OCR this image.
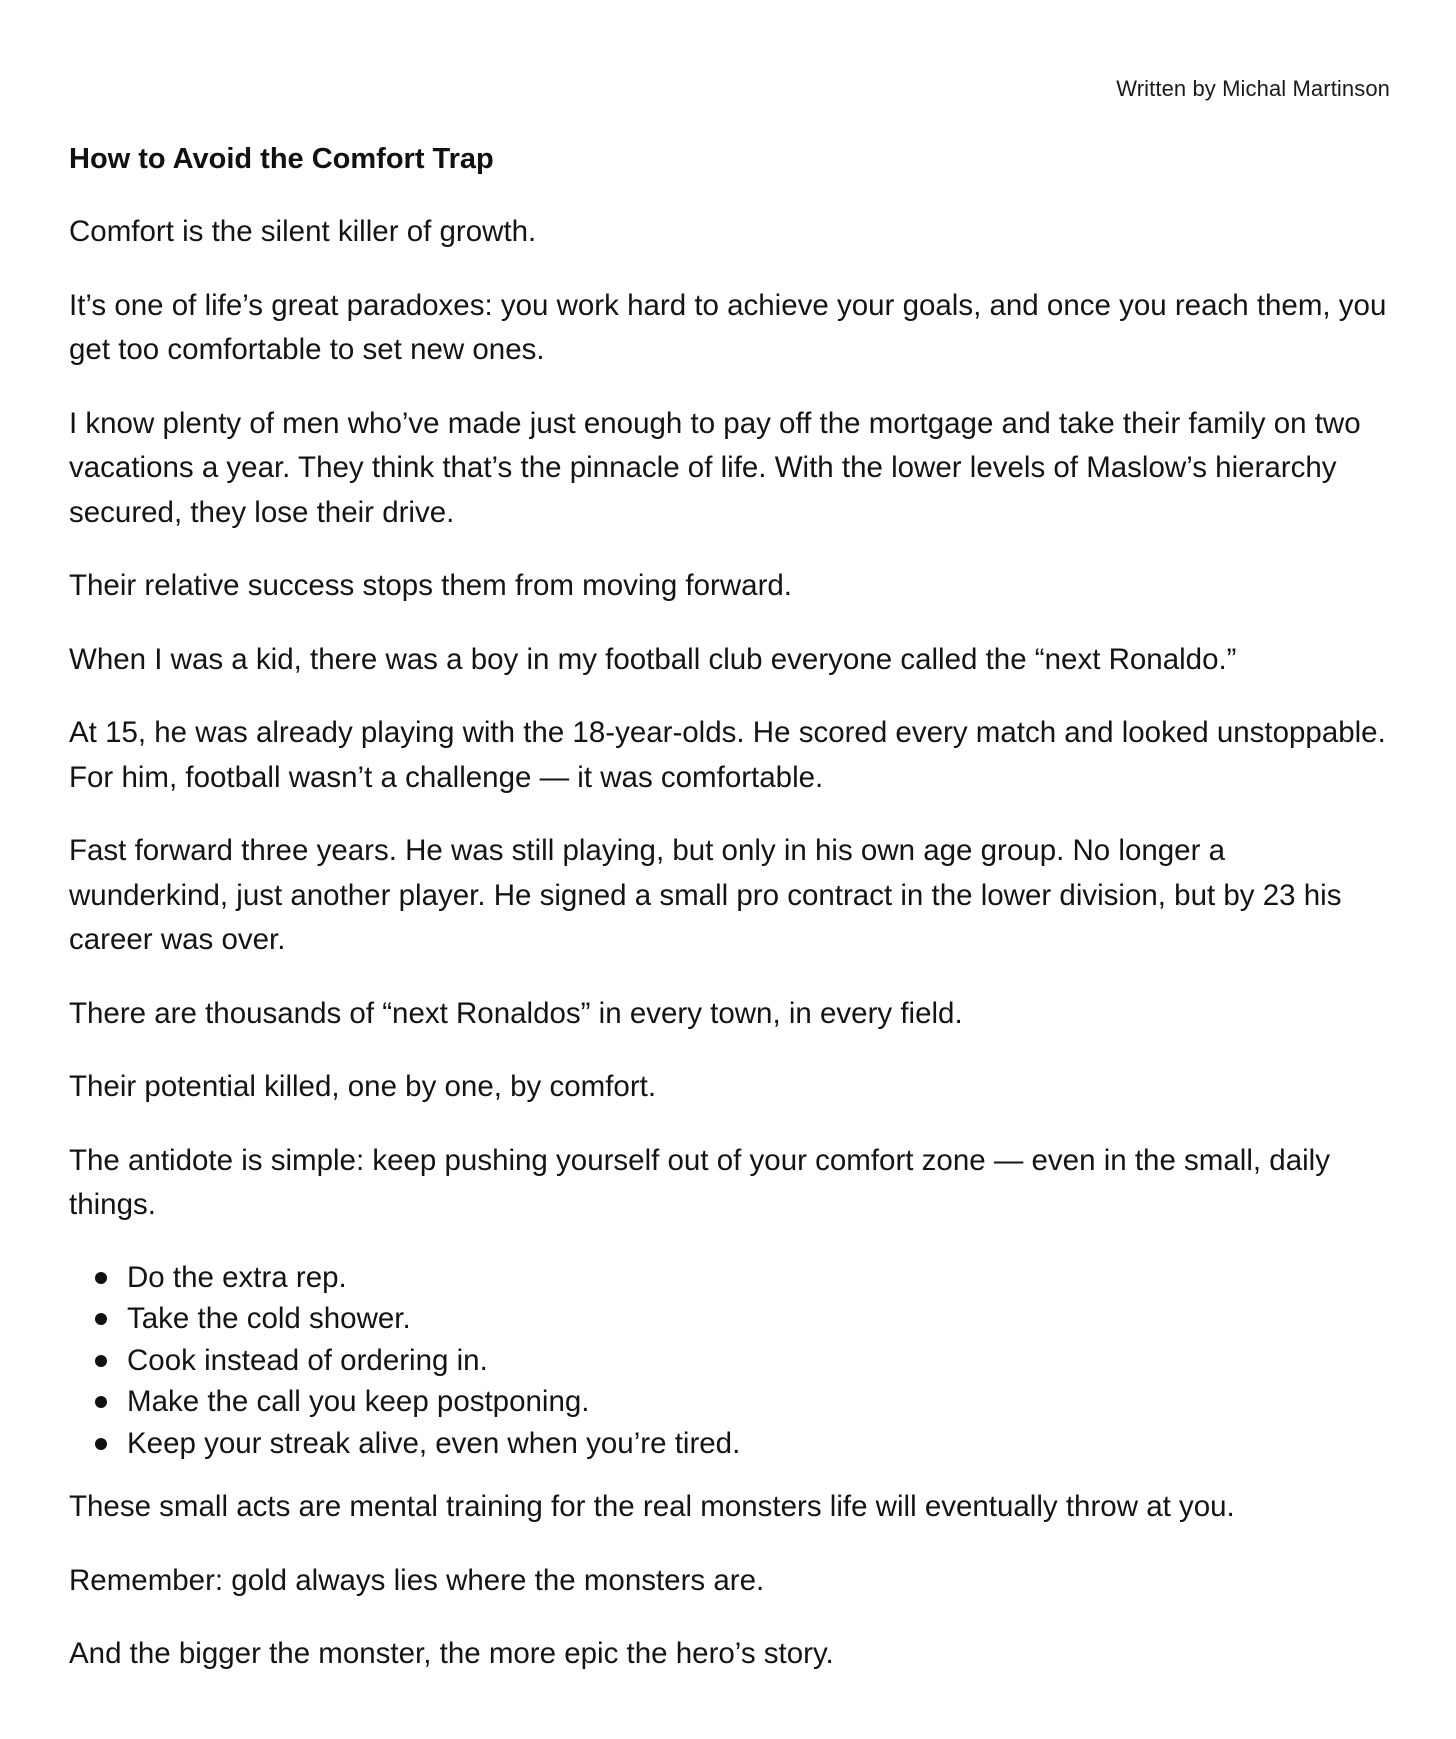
Written by Michal Martinson

How to Avoid the Comfort Trap

Comfort is the silent killer of growth.

It’s one of life’s great paradoxes: you work hard to achieve your goals, and once you reach them, you get too comfortable to set new ones.

I know plenty of men who’ve made just enough to pay off the mortgage and take their family on two vacations a year. They think that’s the pinnacle of life. With the lower levels of Maslow’s hierarchy secured, they lose their drive.

Their relative success stops them from moving forward.

When I was a kid, there was a boy in my football club everyone called the “next Ronaldo.”

At 15, he was already playing with the 18-year-olds. He scored every match and looked unstoppable. For him, football wasn’t a challenge — it was comfortable.

Fast forward three years. He was still playing, but only in his own age group. No longer a wunderkind, just another player. He signed a small pro contract in the lower division, but by 23 his career was over.

There are thousands of “next Ronaldos” in every town, in every field.

Their potential killed, one by one, by comfort.

The antidote is simple: keep pushing yourself out of your comfort zone — even in the small, daily things.

Do the extra rep.
Take the cold shower.
Cook instead of ordering in.
Make the call you keep postponing.
Keep your streak alive, even when you’re tired.

These small acts are mental training for the real monsters life will eventually throw at you.

Remember: gold always lies where the monsters are.

And the bigger the monster, the more epic the hero’s story.
